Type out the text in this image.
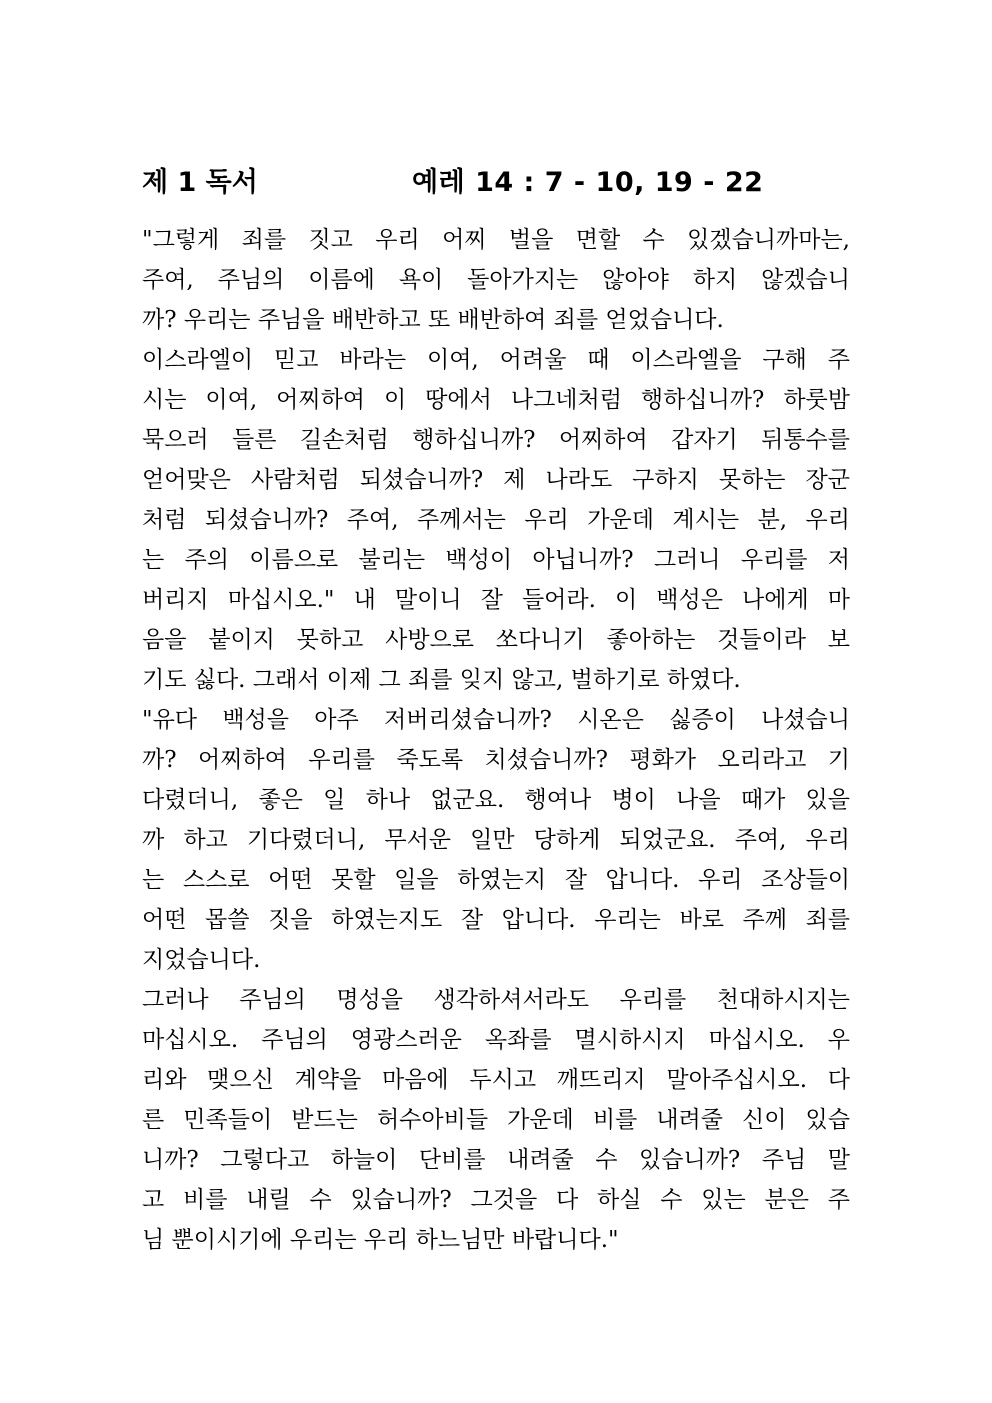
제 1 독서	예레 14 : 7 - 10, 19 - 22
"그렇게 죄를 짓고 우리 어찌 벌을 면할 수 있겠습니까마는,
주여, 주님의 이름에 욕이 돌아가지는 않아야 하지 않겠습니
까? 우리는 주님을 배반하고 또 배반하여 죄를 얻었습니다.
이스라엘이 믿고 바라는 이여, 어려울 때 이스라엘을 구해 주
시는 이여, 어찌하여 이 땅에서 나그네처럼 행하십니까? 하룻밤
묵으러 들른 길손처럼 행하십니까? 어찌하여 갑자기 뒤통수를
얻어맞은 사람처럼 되셨습니까? 제 나라도 구하지 못하는 장군
처럼 되셨습니까? 주여, 주께서는 우리 가운데 계시는 분, 우리
는 주의 이름으로 불리는 백성이 아닙니까? 그러니 우리를 저
버리지 마십시오." 내 말이니 잘 들어라. 이 백성은 나에게 마
음을 붙이지 못하고 사방으로 쏘다니기 좋아하는 것들이라 보
기도 싫다. 그래서 이제 그 죄를 잊지 않고, 벌하기로 하였다.
"유다 백성을 아주 저버리셨습니까? 시온은 싫증이 나셨습니
까? 어찌하여 우리를 죽도록 치셨습니까? 평화가 오리라고 기
다렸더니, 좋은 일 하나 없군요. 행여나 병이 나을 때가 있을
까 하고 기다렸더니, 무서운 일만 당하게 되었군요. 주여, 우리
는 스스로 어떤 못할 일을 하였는지 잘 압니다. 우리 조상들이
어떤 몹쓸 짓을 하였는지도 잘 압니다. 우리는 바로 주께 죄를
지었습니다.
그러나 주님의 명성을 생각하셔서라도 우리를 천대하시지는
마십시오. 주님의 영광스러운 옥좌를 멸시하시지 마십시오. 우
리와 맺으신 계약을 마음에 두시고 깨뜨리지 말아주십시오. 다
른 민족들이 받드는 허수아비들 가운데 비를 내려줄 신이 있습
니까? 그렇다고 하늘이 단비를 내려줄 수 있습니까? 주님 말
고 비를 내릴 수 있습니까? 그것을 다 하실 수 있는 분은 주
님 뿐이시기에 우리는 우리 하느님만 바랍니다."
